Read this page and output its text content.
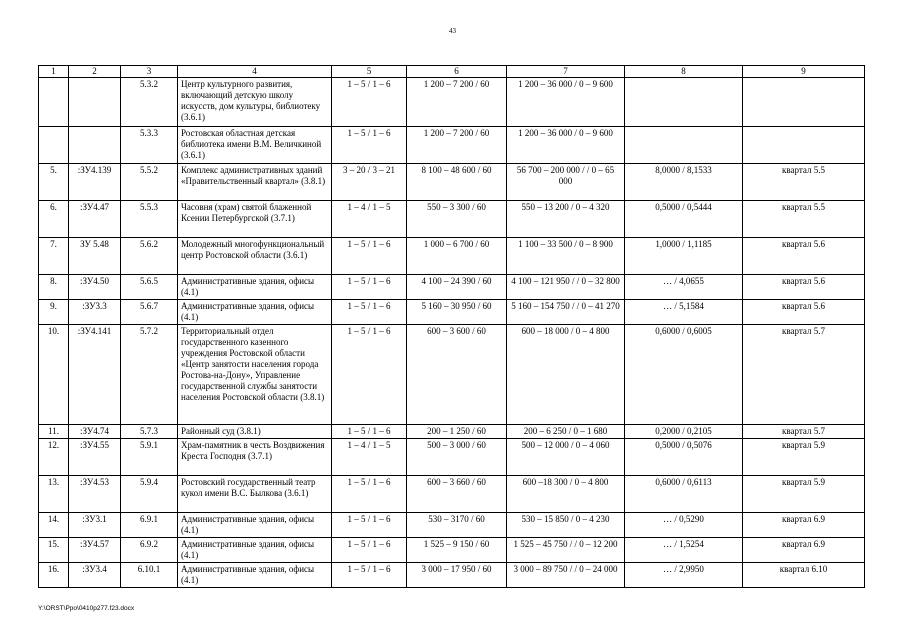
43
1	2	3	4	5	6	7	8	9
		5.3.2	Центр культурного развития, включающий детскую школу искусств, дом культуры, библиотеку (3.6.1)	1 – 5 / 1 – 6	1 200 – 7 200 / 60	1 200 – 36 000 / 0 – 9 600		
		5.3.3	Ростовская областная детская библиотека имени В.М. Величкиной (3.6.1)	1 – 5 / 1 – 6	1 200 – 7 200 / 60	1 200 – 36 000 / 0 – 9 600		
5.	:ЗУ4.139	5.5.2	Комплекс административных зданий «Правительственный квартал» (3.8.1)	3 – 20 / 3 – 21	8 100 – 48 600 / 60	56 700 – 200 000 / / 0 – 65 000	8,0000 / 8,1533	квартал 5.5
6.	:ЗУ4.47	5.5.3	Часовня (храм) святой блаженной Ксении Петербургской (3.7.1)	1 – 4 / 1 – 5	550 – 3 300 / 60	550 – 13 200 / 0 – 4 320	0,5000 / 0,5444	квартал 5.5
7.	ЗУ 5.48	5.6.2	Молодежный многофункциональный центр Ростовской области (3.6.1)	1 – 5 / 1 – 6	1 000 – 6 700 / 60	1 100 – 33 500 / 0 – 8 900	1,0000 / 1,1185	квартал 5.6
8.	:ЗУ4.50	5.6.5	Административные здания, офисы (4.1)	1 – 5 / 1 – 6	4 100 – 24 390 / 60	4 100 – 121 950 / / 0 – 32 800	… / 4,0655	квартал 5.6
9.	:ЗУ3.3	5.6.7	Административные здания, офисы (4.1)	1 – 5 / 1 – 6	5 160 – 30 950 / 60	5 160 – 154 750 / / 0 – 41 270	… / 5,1584	квартал 5.6
10.	:ЗУ4.141	5.7.2	Территориальный отдел государственного казенного учреждения Ростовской области «Центр занятости населения города Ростова-на-Дону», Управление государственной службы занятости населения Ростовской области (3.8.1)	1 – 5 / 1 – 6	600 – 3 600 / 60	600 – 18 000 / 0 – 4 800	0,6000 / 0,6005	квартал 5.7
11.	:ЗУ4.74	5.7.3	Районный суд (3.8.1)	1 – 5 / 1 – 6	200 – 1 250 / 60	200 – 6 250 / 0 – 1 680	0,2000 / 0,2105	квартал 5.7
12.	:ЗУ4.55	5.9.1	Храм-памятник в честь Воздвижения Креста Господня (3.7.1)	1 – 4 / 1 – 5	500 – 3 000 / 60	500 – 12 000 / 0 – 4 060	0,5000 / 0,5076	квартал 5.9
13.	:ЗУ4.53	5.9.4	Ростовский государственный театр кукол имени В.С. Былкова (3.6.1)	1 – 5 / 1 – 6	600 – 3 660 / 60	600 –18 300 / 0 – 4 800	0,6000 / 0,6113	квартал 5.9
14.	:ЗУ3.1	6.9.1	Административные здания, офисы (4.1)	1 – 5 / 1 – 6	530 – 3170 / 60	530 – 15 850 / 0 – 4 230	… / 0,5290	квартал 6.9
15.	:ЗУ4.57	6.9.2	Административные здания, офисы (4.1)	1 – 5 / 1 – 6	1 525 – 9 150 / 60	1 525 – 45 750 / / 0 – 12 200	… / 1,5254	квартал 6.9
16.	:ЗУ3.4	6.10.1	Административные здания, офисы (4.1)	1 – 5 / 1 – 6	3 000 – 17 950 / 60	3 000 – 89 750 / / 0 – 24 000	… / 2,9950	квартал 6.10
Y:\ORST\Ppo\0410p277.f23.docx
